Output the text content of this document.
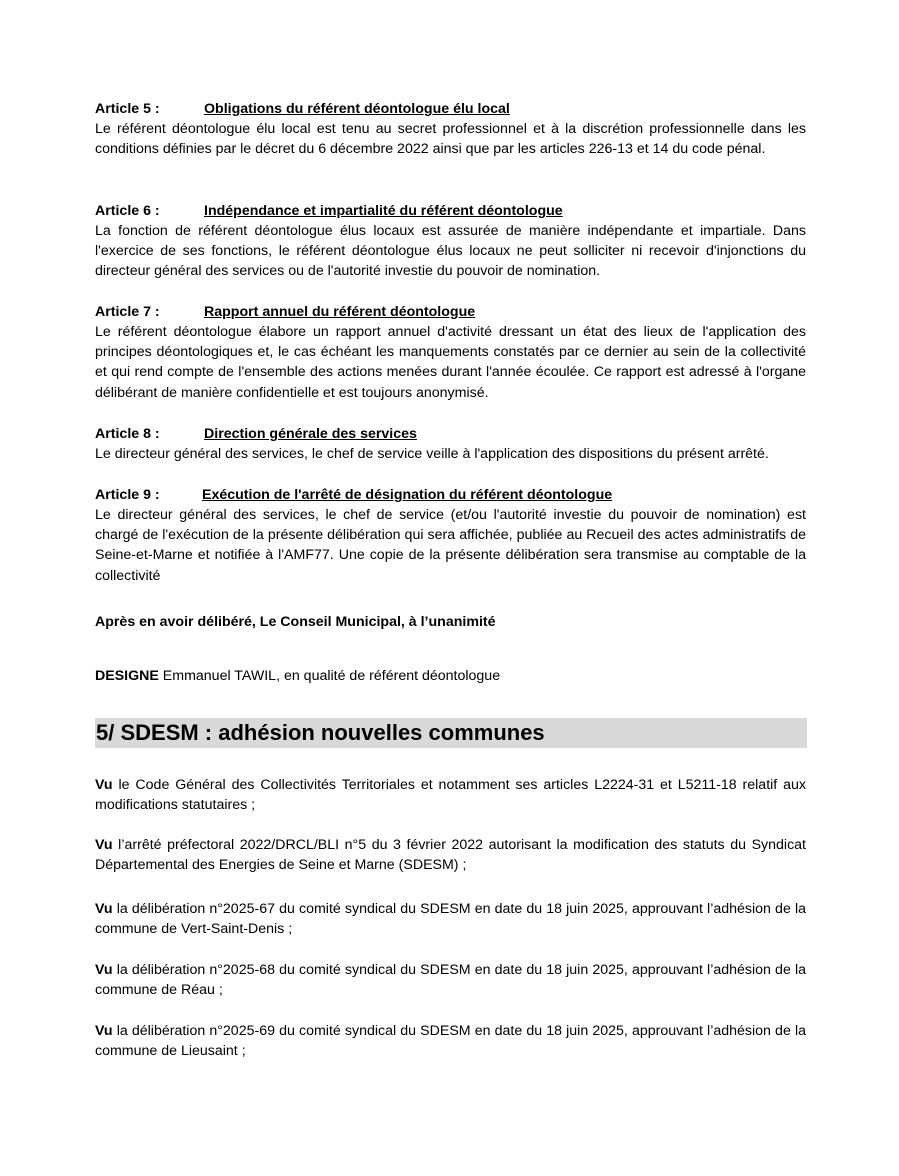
Article 5 :	Obligations du référent déontologue élu local

Le référent déontologue élu local est tenu au secret professionnel et à la discrétion professionnelle dans les conditions définies par le décret du 6 décembre 2022 ainsi que par les articles 226-13 et 14 du code pénal.

Article 6 :	Indépendance et impartialité du référent déontologue

La fonction de référent déontologue élus locaux est assurée de manière indépendante et impartiale. Dans l'exercice de ses fonctions, le référent déontologue élus locaux ne peut solliciter ni recevoir d'injonctions du directeur général des services ou de l'autorité investie du pouvoir de nomination.

Article 7 :	Rapport annuel du référent déontologue

Le référent déontologue élabore un rapport annuel d'activité dressant un état des lieux de l'application des principes déontologiques et, le cas échéant les manquements constatés par ce dernier au sein de la collectivité et qui rend compte de l'ensemble des actions menées durant l'année écoulée. Ce rapport est adressé à l'organe délibérant de manière confidentielle et est toujours anonymisé.

Article 8 :	Direction générale des services

Le directeur général des services, le chef de service veille à l'application des dispositions du présent arrêté.

Article 9 :	Exécution de l'arrêté de désignation du référent déontologue

Le directeur général des services, le chef de service (et/ou l'autorité investie du pouvoir de nomination) est chargé de l'exécution de la présente délibération qui sera affichée, publiée au Recueil des actes administratifs de Seine-et-Marne et notifiée à l'AMF77. Une copie de la présente délibération sera transmise au comptable de la collectivité

Après en avoir délibéré, Le Conseil Municipal, à l’unanimité
DESIGNE Emmanuel TAWIL, en qualité de référent déontologue
5/ SDESM : adhésion nouvelles communes

Vu le Code Général des Collectivités Territoriales et notamment ses articles L2224-31 et L5211-18 relatif aux modifications statutaires ;

Vu l’arrêté préfectoral 2022/DRCL/BLI n°5 du 3 février 2022 autorisant la modification des statuts du Syndicat Départemental des Energies de Seine et Marne (SDESM) ;

Vu la délibération n°2025-67 du comité syndical du SDESM en date du 18 juin 2025, approuvant l’adhésion de la commune de Vert-Saint-Denis ;

Vu la délibération n°2025-68 du comité syndical du SDESM en date du 18 juin 2025, approuvant l’adhésion de la commune de Réau ;

Vu la délibération n°2025-69 du comité syndical du SDESM en date du 18 juin 2025, approuvant l’adhésion de la commune de Lieusaint ;
